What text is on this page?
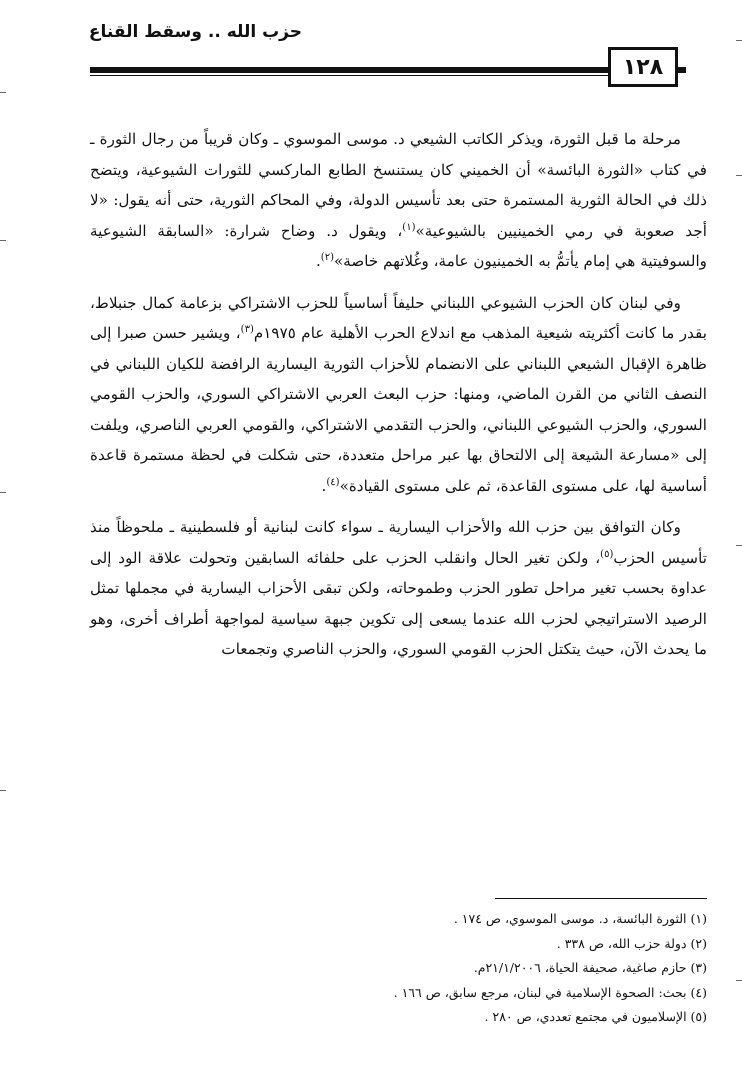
حزب الله .. وسقط القناع
١٢٨

مرحلة ما قبل الثورة، ويذكر الكاتب الشيعي د. موسى الموسوي ـ وكان قريباً من رجال الثورة ـ في كتاب «الثورة البائسة» أن الخميني كان يستنسخ الطابع الماركسي للثورات الشيوعية، ويتضح ذلك في الحالة الثورية المستمرة حتى بعد تأسيس الدولة، وفي المحاكم الثورية، حتى أنه يقول: «لا أجد صعوبة في رمي الخمينيين بالشيوعية»$^{(١)}$، ويقول د. وضاح شرارة: «السابقة الشيوعية والسوفيتية هي إمام يأتمُّ به الخمينيون عامة، وغُلاتهم خاصة»$^{(٢)}$.

وفي لبنان كان الحزب الشيوعي اللبناني حليفاً أساسياً للحزب الاشتراكي بزعامة كمال جنبلاط، بقدر ما كانت أكثريته شيعية المذهب مع اندلاع الحرب الأهلية عام ١٩٧٥م$^{(٣)}$، ويشير حسن صبرا إلى ظاهرة الإقبال الشيعي اللبناني على الانضمام للأحزاب الثورية اليسارية الرافضة للكيان اللبناني في النصف الثاني من القرن الماضي، ومنها: حزب البعث العربي الاشتراكي السوري، والحزب القومي السوري، والحزب الشيوعي اللبناني، والحزب التقدمي الاشتراكي، والقومي العربي الناصري، ويلفت إلى «مسارعة الشيعة إلى الالتحاق بها عبر مراحل متعددة، حتى شكلت في لحظة مستمرة قاعدة أساسية لها، على مستوى القاعدة، ثم على مستوى القيادة»$^{(٤)}$.

وكان التوافق بين حزب الله والأحزاب اليسارية ـ سواء كانت لبنانية أو فلسطينية ـ ملحوظاً منذ تأسيس الحزب$^{(٥)}$، ولكن تغير الحال وانقلب الحزب على حلفائه السابقين وتحولت علاقة الود إلى عداوة بحسب تغير مراحل تطور الحزب وطموحاته، ولكن تبقى الأحزاب اليسارية في مجملها تمثل الرصيد الاستراتيجي لحزب الله عندما يسعى إلى تكوين جبهة سياسية لمواجهة أطراف أخرى، وهو ما يحدث الآن، حيث يتكتل الحزب القومي السوري، والحزب الناصري وتجمعات

(١) الثورة البائسة، د. موسى الموسوي، ص ١٧٤ .
(٢) دولة حزب الله، ص ٣٣٨ .
(٣) حازم صاغية، صحيفة الحياة، ٢١/١/٢٠٠٦م.
(٤) بحث: الصحوة الإسلامية في لبنان، مرجع سابق، ص ١٦٦ .
(٥) الإسلاميون في مجتمع تعددي، ص ٢٨٠ .
